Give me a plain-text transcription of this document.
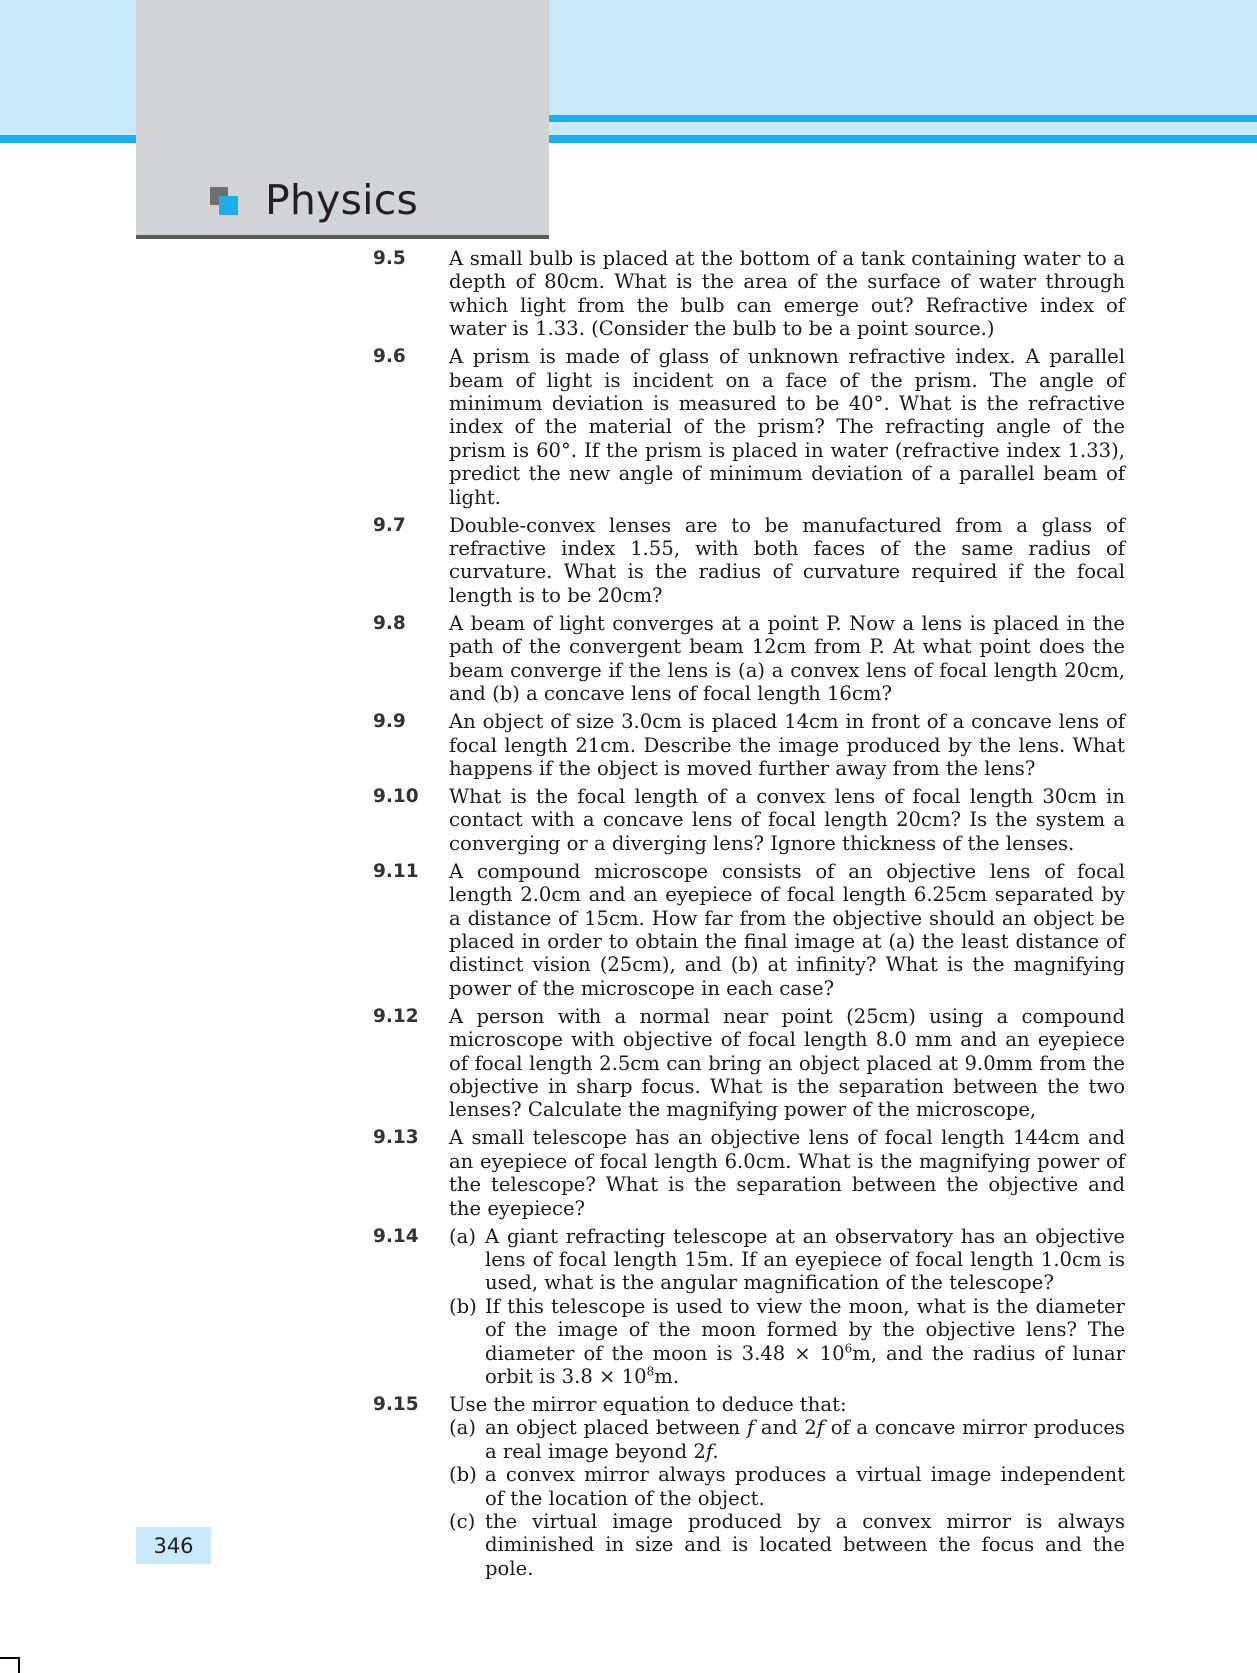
Physics
9.5	A small bulb is placed at the bottom of a tank containing water to a depth of 80cm. What is the area of the surface of water through which light from the bulb can emerge out? Refractive index of water is 1.33. (Consider the bulb to be a point source.)
9.6	A prism is made of glass of unknown refractive index. A parallel beam of light is incident on a face of the prism. The angle of minimum deviation is measured to be 40°. What is the refractive index of the material of the prism? The refracting angle of the prism is 60°. If the prism is placed in water (refractive index 1.33), predict the new angle of minimum deviation of a parallel beam of light.
9.7	Double-convex lenses are to be manufactured from a glass of refractive index 1.55, with both faces of the same radius of curvature. What is the radius of curvature required if the focal length is to be 20cm?
9.8	A beam of light converges at a point P. Now a lens is placed in the path of the convergent beam 12cm from P. At what point does the beam converge if the lens is (a) a convex lens of focal length 20cm, and (b) a concave lens of focal length 16cm?
9.9	An object of size 3.0cm is placed 14cm in front of a concave lens of focal length 21cm. Describe the image produced by the lens. What happens if the object is moved further away from the lens?
9.10	What is the focal length of a convex lens of focal length 30cm in contact with a concave lens of focal length 20cm? Is the system a converging or a diverging lens? Ignore thickness of the lenses.
9.11	A compound microscope consists of an objective lens of focal length 2.0cm and an eyepiece of focal length 6.25cm separated by a distance of 15cm. How far from the objective should an object be placed in order to obtain the final image at (a) the least distance of distinct vision (25cm), and (b) at infinity? What is the magnifying power of the microscope in each case?
9.12	A person with a normal near point (25cm) using a compound microscope with objective of focal length 8.0 mm and an eyepiece of focal length 2.5cm can bring an object placed at 9.0mm from the objective in sharp focus. What is the separation between the two lenses? Calculate the magnifying power of the microscope,
9.13	A small telescope has an objective lens of focal length 144cm and an eyepiece of focal length 6.0cm. What is the magnifying power of the telescope? What is the separation between the objective and the eyepiece?
9.14	(a) A giant refracting telescope at an observatory has an objective lens of focal length 15m. If an eyepiece of focal length 1.0cm is used, what is the angular magnification of the telescope?
(b) If this telescope is used to view the moon, what is the diameter of the image of the moon formed by the objective lens? The diameter of the moon is $3.48 \times 10^6m$, and the radius of lunar orbit is $3.8 \times 10^8m$.
9.15	Use the mirror equation to deduce that:
(a) an object placed between f and 2f of a concave mirror produces a real image beyond 2f.
(b) a convex mirror always produces a virtual image independent of the location of the object.
(c) the virtual image produced by a convex mirror is always diminished in size and is located between the focus and the pole.
346
